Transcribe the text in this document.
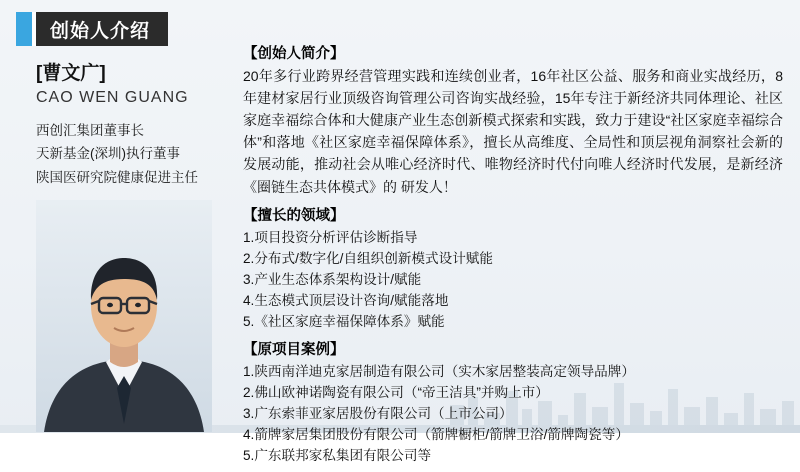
创始人介绍
[曹文广]
CAO WEN GUANG
西创汇集团董事长
天新基金(深圳)执行董事
陕国医研究院健康促进主任
【创始人简介】
20年多行业跨界经营管理实践和连续创业者，16年社区公益、服务和商业实战经历，8年建材家居行业顶级咨询管理公司咨询实战经验，15年专注于新经济共同体理论、社区家庭幸福综合体和大健康产业生态创新模式探索和实践，致力于建设“社区家庭幸福综合体”和落地《社区家庭幸福保障体系》，擅长从高维度、全局性和顶层视角洞察社会新的发展动能，推动社会从唯心经济时代、唯物经济时代付向唯人经济时代发展，是新经济《圈链生态共体模式》的 研发人！
【擅长的领域】
1.项目投资分析评估诊断指导
2.分布式/数字化/自组织创新模式设计赋能
3.产业生态体系架构设计/赋能
4.生态模式顶层设计咨询/赋能落地
5.《社区家庭幸福保障体系》赋能
【原项目案例】
1.陕西南洋迪克家居制造有限公司（实木家居整装高定领导品牌）
2.佛山欧神诺陶瓷有限公司（“帝王洁具”并购上市）
3.广东索菲亚家居股份有限公司（上市公司）
4.箭牌家居集团股份有限公司（箭牌橱柜/箭牌卫浴/箭牌陶瓷等）
5.广东联邦家私集团有限公司等
